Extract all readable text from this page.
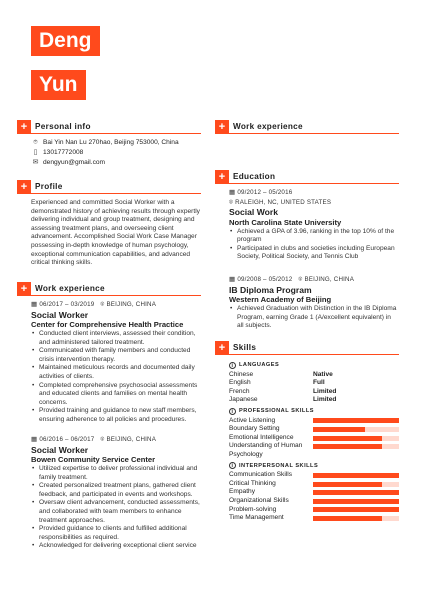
Deng
Yun
+ Personal info
⌾ Bai Yin Nan Lu 270hao, Beijing 753000, China
▯ 13017772008
✉ dengyun@gmail.com
+ Profile
Experienced and committed Social Worker with a demonstrated history of achieving results through expertly delivering individual and group treatment, designing and assessing treatment plans, and overseeing client advancement. Accomplished Social Work Case Manager possessing in-depth knowledge of human psychology, exceptional communication capabilities, and advanced critical thinking skills.
+ Work experience
▦ 06/2017 – 03/2019 ⌾ BEIJING, CHINA
Social Worker
Center for Comprehensive Health Practice
• Conducted client interviews, assessed their condition, and administered tailored treatment.
• Communicated with family members and conducted crisis intervention therapy.
• Maintained meticulous records and documented daily activities of clients.
• Completed comprehensive psychosocial assessments and educated clients and families on mental health concerns.
• Provided training and guidance to new staff members, ensuring adherence to all policies and procedures.
▦ 06/2016 – 06/2017 ⌾ BEIJING, CHINA
Social Worker
Bowen Community Service Center
• Utilized expertise to deliver professional individual and family treatment.
• Created personalized treatment plans, gathered client feedback, and participated in events and workshops.
• Oversaw client advancement, conducted assessments, and collaborated with team members to enhance treatment approaches.
• Provided guidance to clients and fulfilled additional responsibilities as required.
• Acknowledged for delivering exceptional client service
+ Work experience
+ Education
▦ 09/2012 – 05/2016
⌾ RALEIGH, NC, UNITED STATES
Social Work
North Carolina State University
• Achieved a GPA of 3.96, ranking in the top 10% of the program
• Participated in clubs and societies including European Society, Political Society, and Tennis Club
▦ 09/2008 – 05/2012 ⌾ BEIJING, CHINA
IB Diploma Program
Western Academy of Beijing
• Achieved Graduation with Distinction in the IB Diploma Program, earning Grade 1 (A/excellent equivalent) in all subjects.
+ Skills
i LANGUAGES
Chinese	Native
English	Full
French	Limited
Japanese	Limited
i PROFESSIONAL SKILLS
Active Listening
Boundary Setting
Emotional Intelligence
Understanding of Human Psychology
i INTERPERSONAL SKILLS
Communication Skills
Critical Thinking
Empathy
Organizational Skills
Problem-solving
Time Management
